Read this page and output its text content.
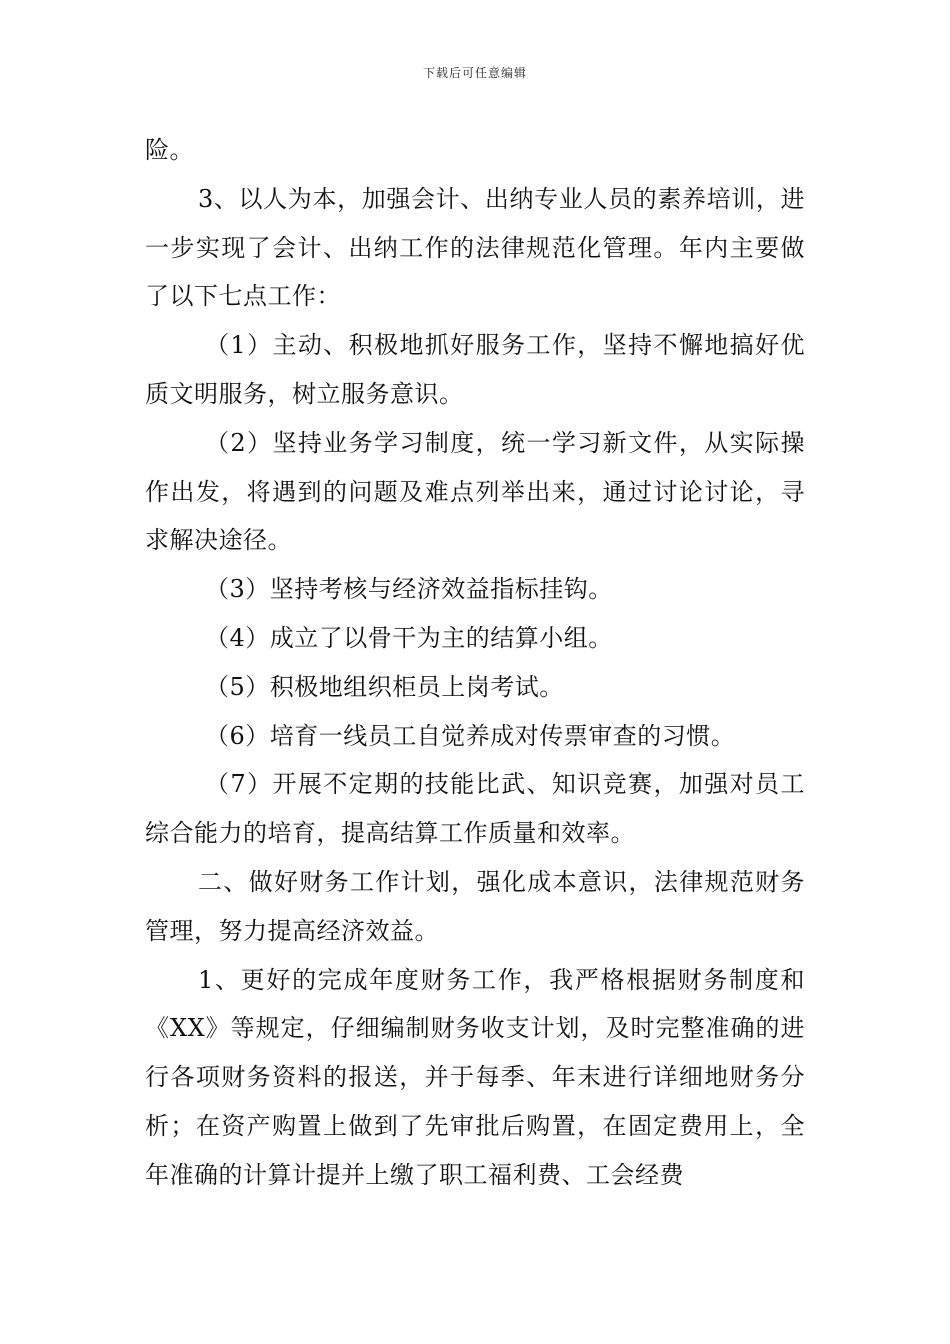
下载后可任意编辑

险。

3、以人为本，加强会计、出纳专业人员的素养培训，进一步实现了会计、出纳工作的法律规范化管理。年内主要做了以下七点工作：

（1）主动、积极地抓好服务工作，坚持不懈地搞好优质文明服务，树立服务意识。

（2）坚持业务学习制度，统一学习新文件，从实际操作出发，将遇到的问题及难点列举出来，通过讨论讨论，寻求解决途径。

（3）坚持考核与经济效益指标挂钩。

（4）成立了以骨干为主的结算小组。

（5）积极地组织柜员上岗考试。

（6）培育一线员工自觉养成对传票审查的习惯。

（7）开展不定期的技能比武、知识竞赛，加强对员工综合能力的培育，提高结算工作质量和效率。

二、做好财务工作计划，强化成本意识，法律规范财务管理，努力提高经济效益。

1、更好的完成年度财务工作，我严格根据财务制度和《XX》等规定，仔细编制财务收支计划，及时完整准确的进行各项财务资料的报送，并于每季、年末进行详细地财务分析；在资产购置上做到了先审批后购置，在固定费用上，全年准确的计算计提并上缴了职工福利费、工会经费
